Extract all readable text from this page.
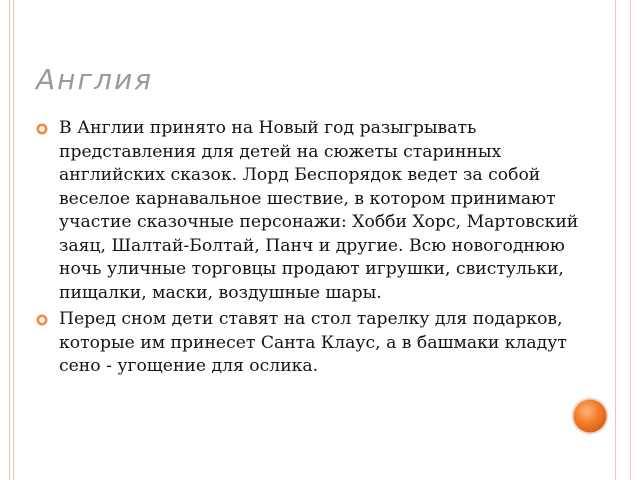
Англия
В Англии принято на Новый год разыгрывать представления для детей на сюжеты старинных английских сказок. Лорд Беспорядок ведет за собой веселое карнавальное шествие, в котором принимают участие сказочные персонажи: Хобби Хорс, Мартовский заяц, Шалтай-Болтай, Панч и другие. Всю новогоднюю ночь уличные торговцы продают игрушки, свистульки, пищалки, маски, воздушные шары.
Перед сном дети ставят на стол тарелку для подарков, которые им принесет Санта Клаус, а в башмаки кладут сено - угощение для ослика.
